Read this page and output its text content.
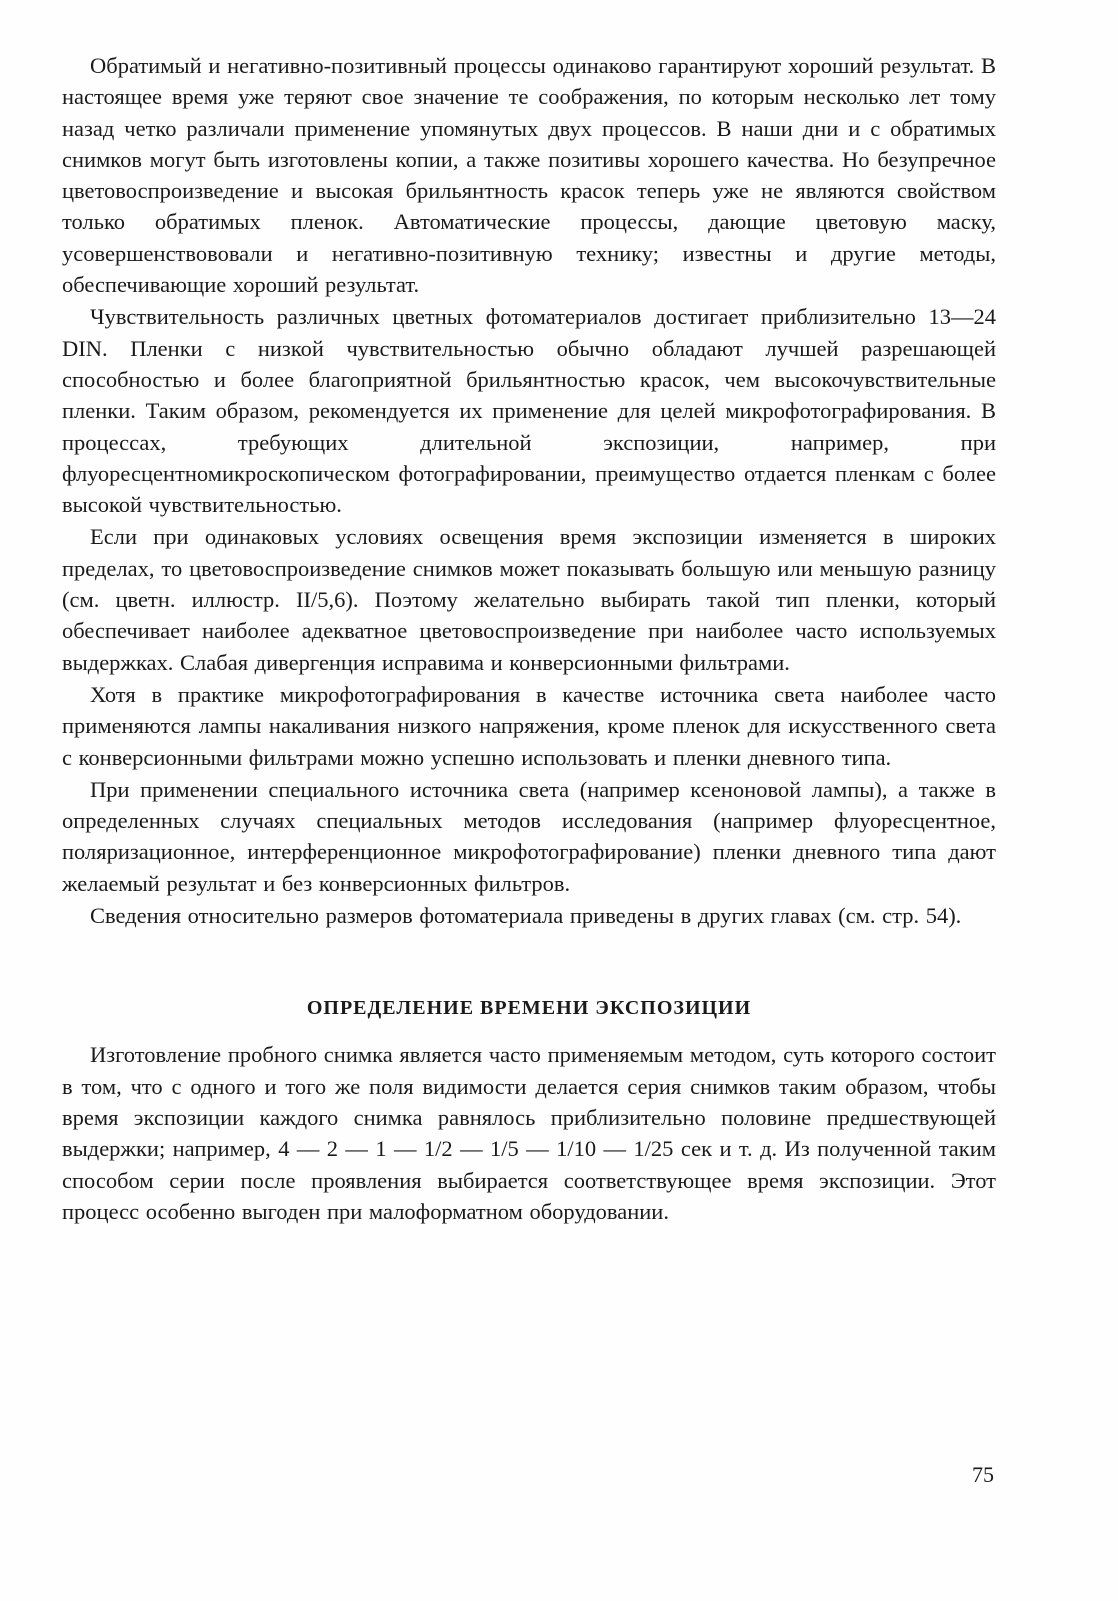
Обратимый и негативно-позитивный процессы одинаково гарантируют хороший результат. В настоящее время уже теряют свое значение те соображения, по которым несколько лет тому назад четко различали применение упомянутых двух процессов. В наши дни и с обратимых снимков могут быть изготовлены копии, а также позитивы хорошего качества. Но безупречное цветовоспроизведение и высокая брильянтность красок теперь уже не являются свойством только обратимых пленок. Автоматические процессы, дающие цветовую маску, усовершенствововали и негативно-позитивную технику; известны и другие методы, обеспечивающие хороший результат.

Чувствительность различных цветных фотоматериалов достигает приблизительно 13—24 DIN. Пленки с низкой чувствительностью обычно обладают лучшей разрешающей способностью и более благоприятной брильянтностью красок, чем высокочувствительные пленки. Таким образом, рекомендуется их применение для целей микрофотографирования. В процессах, требующих длительной экспозиции, например, при флуоресцентномикроскопическом фотографировании, преимущество отдается пленкам с более высокой чувствительностью.

Если при одинаковых условиях освещения время экспозиции изменяется в широких пределах, то цветовоспроизведение снимков может показывать большую или меньшую разницу (см. цветн. иллюстр. II/5,6). Поэтому желательно выбирать такой тип пленки, который обеспечивает наиболее адекватное цветовоспроизведение при наиболее часто используемых выдержках. Слабая дивергенция исправима и конверсионными фильтрами.

Хотя в практике микрофотографирования в качестве источника света наиболее часто применяются лампы накаливания низкого напряжения, кроме пленок для искусственного света с конверсионными фильтрами можно успешно использовать и пленки дневного типа.

При применении специального источника света (например ксеноновой лампы), а также в определенных случаях специальных методов исследования (например флуоресцентное, поляризационное, интерференционное микрофотографирование) пленки дневного типа дают желаемый результат и без конверсионных фильтров.

Сведения относительно размеров фотоматериала приведены в других главах (см. стр. 54).

ОПРЕДЕЛЕНИЕ ВРЕМЕНИ ЭКСПОЗИЦИИ

Изготовление пробного снимка является часто применяемым методом, суть которого состоит в том, что с одного и того же поля видимости делается серия снимков таким образом, чтобы время экспозиции каждого снимка равнялось приблизительно половине предшествующей выдержки; например, 4 — 2 — 1 — 1/2 — 1/5 — 1/10 — 1/25 сек и т. д. Из полученной таким способом серии после проявления выбирается соответствующее время экспозиции. Этот процесс особенно выгоден при малоформатном оборудовании.

75
